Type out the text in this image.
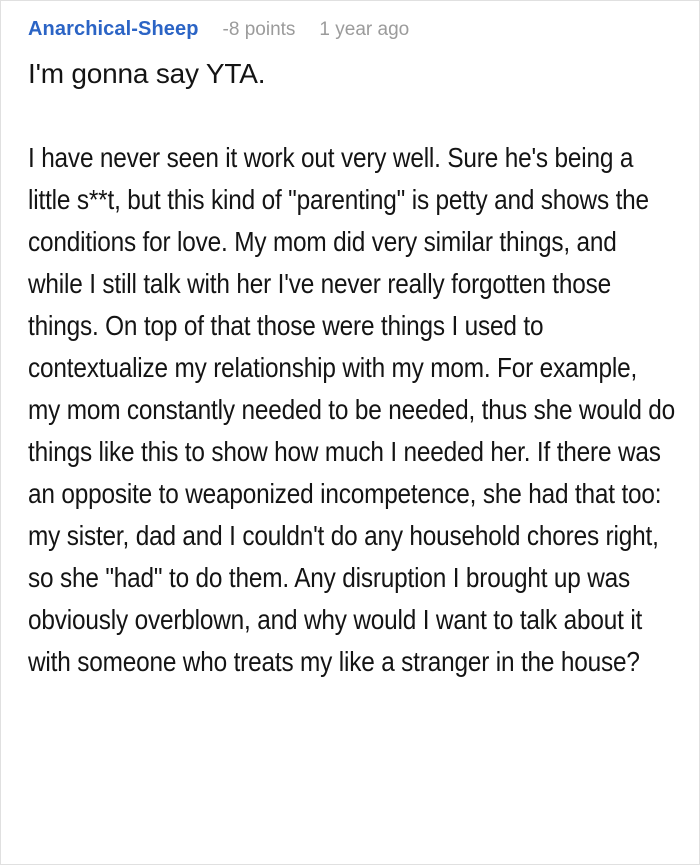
Anarchical-Sheep -8 points 1 year ago

I'm gonna say YTA.

I have never seen it work out very well. Sure he's being a little s**t, but this kind of "parenting" is petty and shows the conditions for love. My mom did very similar things, and while I still talk with her I've never really forgotten those things. On top of that those were things I used to contextualize my relationship with my mom. For example, my mom constantly needed to be needed, thus she would do things like this to show how much I needed her. If there was an opposite to weaponized incompetence, she had that too: my sister, dad and I couldn't do any household chores right, so she "had" to do them. Any disruption I brought up was obviously overblown, and why would I want to talk about it with someone who treats my like a stranger in the house?
